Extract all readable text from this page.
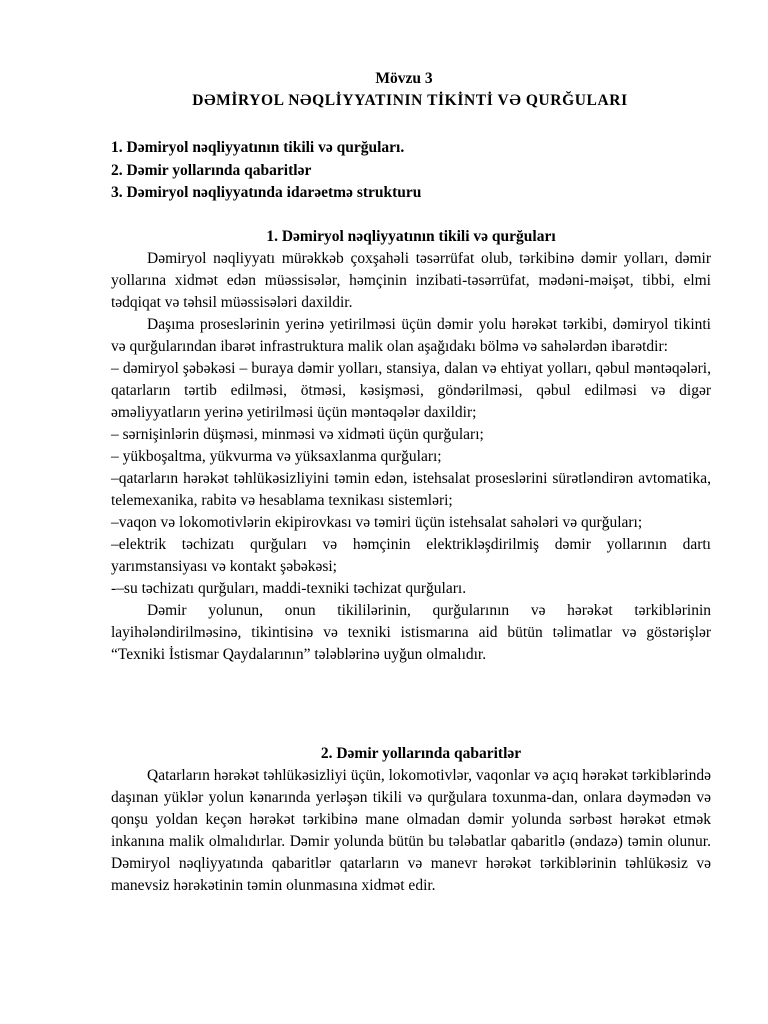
Mövzu 3
DƏMİRYOL NƏQLİYYATININ TİKİNTİ VƏ QURĞULARI
1. Dəmiryol nəqliyyatının tikili və qurğuları.
2. Dəmir yollarında qabaritlər
3. Dəmiryol nəqliyyatında idarəetmə strukturu
1. Dəmiryol nəqliyyatının tikili və qurğuları

Dəmiryol nəqliyyatı mürəkkəb çoxşahəli təsərrüfat olub, tərkibinə dəmir yolları, dəmir yollarına xidmət edən müəssisələr, həmçinin inzibati-təsərrüfat, mədəni-məişət, tibbi, elmi tədqiqat və təhsil müəssisələri daxildir.

Daşıma proseslərinin yerinə yetirilməsi üçün dəmir yolu hərəkət tərkibi, dəmiryol tikinti və qurğularından ibarət infrastruktura malik olan aşağıdakı bölmə və sahələrdən ibarətdir:

– dəmiryol şəbəkəsi – buraya dəmir yolları, stansiya, dalan və ehtiyat yolları, qəbul məntəqələri, qatarların tərtib edilməsi, ötməsi, kəsişməsi, göndərilməsi, qəbul edilməsi və digər əməliyyatların yerinə yetirilməsi üçün məntəqələr daxildir;

– sərnişinlərin düşməsi, minməsi və xidməti üçün qurğuları;

– yükboşaltma, yükvurma və yüksaxlanma qurğuları;

–qatarların hərəkət təhlükəsizliyini təmin edən, istehsalat proseslərini sürətləndirən avtomatika, telemexanika, rabitə və hesablama texnikası sistemləri;

–vaqon və lokomotivlərin ekipirovkası və təmiri üçün istehsalat sahələri və qurğuları;

–elektrik təchizatı qurğuları və həmçinin elektrikləşdirilmiş dəmir yollarının dartı yarımstansiyası və kontakt şəbəkəsi;

-–su təchizatı qurğuları, maddi-texniki təchizat qurğuları.

Dəmir yolunun, onun tikililərinin, qurğularının və hərəkət tərkiblərinin layihələndirilməsinə, tikintisinə və texniki istismarına aid bütün təlimatlar və göstərişlər “Texniki İstismar Qaydalarının” tələblərinə uyğun olmalıdır.

2. Dəmir yollarında qabaritlər

Qatarların hərəkət təhlükəsizliyi üçün, lokomotivlər, vaqonlar və açıq hərəkət tərkiblərində daşınan yüklər yolun kənarında yerləşən tikili və qurğulara toxunma-dan, onlara dəymədən və qonşu yoldan keçən hərəkət tərkibinə mane olmadan dəmir yolunda sərbəst hərəkət etmək inkanına malik olmalıdırlar. Dəmir yolunda bütün bu tələbatlar qabaritlə (əndazə) təmin olunur. Dəmiryol nəqliyyatında qabaritlər qatarların və manevr hərəkət tərkiblərinin təhlükəsiz və manevsiz hərəkətinin təmin olunmasına xidmət edir.
